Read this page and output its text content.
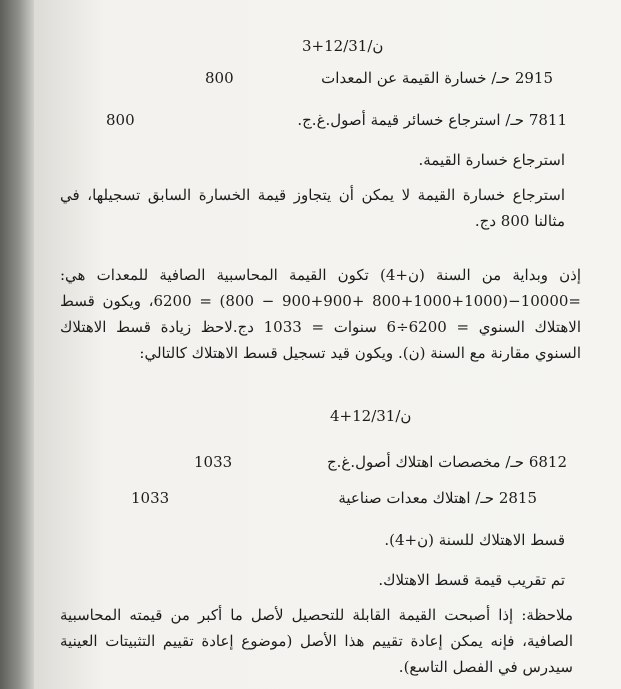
3+ن/12/31
2915 حـ/ خسارة القيمة عن المعدات
800
7811 حـ/ استرجاع خسائر قيمة أصول.غ.ج.
800
استرجاع خسارة القيمة.
استرجاع خسارة القيمة لا يمكن أن يتجاوز قيمة الخسارة السابق تسجيلها، في مثالنا 800 دج.
إذن وبداية من السنة (ن+4) تكون القيمة المحاسبية الصافية للمعدات هي: =10000−(1000+1000+800 +900+900 − 800) = 6200، ويكون قسط الاهتلاك السنوي = 6200÷6 سنوات = 1033 دج.لاحظ زيادة قسط الاهتلاك السنوي مقارنة مع السنة (ن). ويكون قيد تسجيل قسط الاهتلاك كالتالي:
4+ن/12/31
6812 حـ/ مخصصات اهتلاك أصول.غ.ج
1033
2815 حـ/ اهتلاك معدات صناعية
1033
قسط الاهتلاك للسنة (ن+4).
تم تقريب قيمة قسط الاهتلاك.
ملاحظة: إذا أصبحت القيمة القابلة للتحصيل لأصل ما أكبر من قيمته المحاسبية الصافية، فإنه يمكن إعادة تقييم هذا الأصل (موضوع إعادة تقييم التثبيتات العينية سيدرس في الفصل التاسع).
